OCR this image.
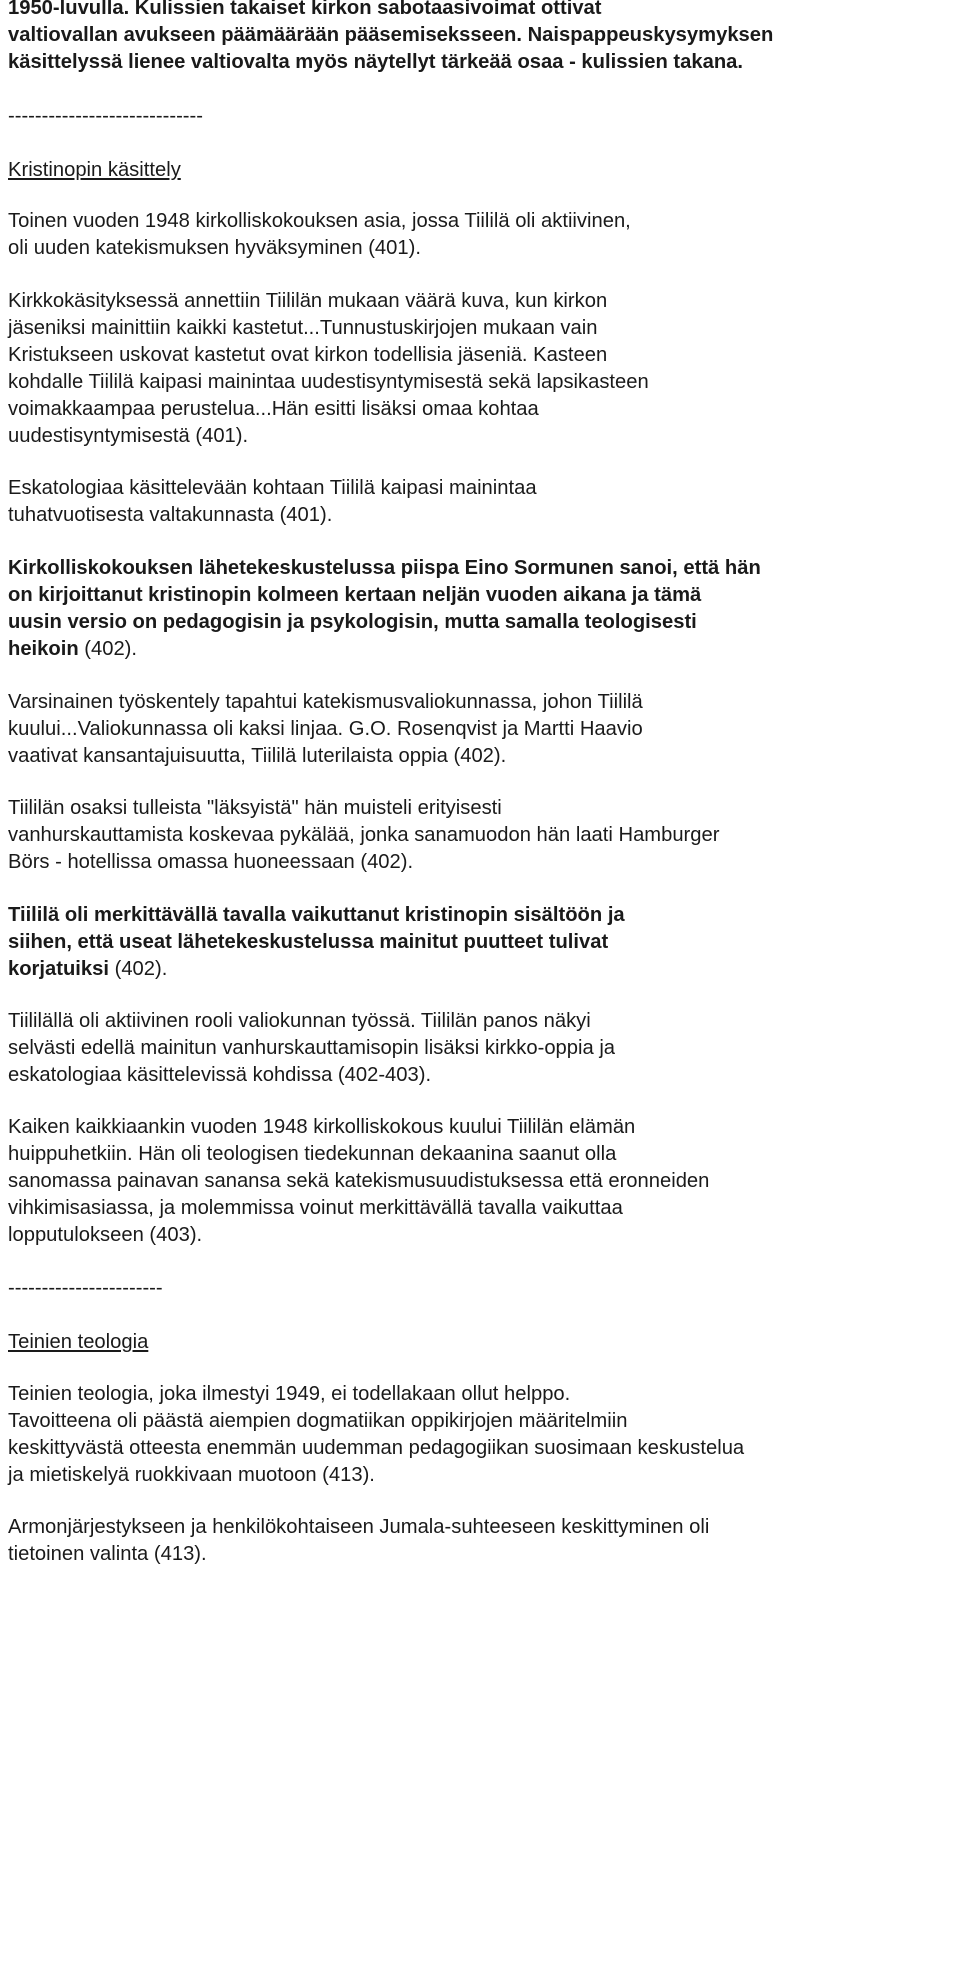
1950-luvulla. Kulissien takaiset kirkon sabotaasivoimat ottivat
valtiovallan avukseen päämäärään pääsemiseksseen. Naispappeuskysymyksen
käsittelyssä lienee valtiovalta myös näytellyt tärkeää osaa - kulissien takana.

-----------------------------

Kristinopin käsittely

Toinen vuoden 1948 kirkolliskokouksen asia, jossa Tiililä oli aktiivinen,
oli uuden katekismuksen hyväksyminen (401).

Kirkkokäsityksessä annettiin Tiililän mukaan väärä kuva, kun kirkon
jäseniksi mainittiin kaikki kastetut...Tunnustuskirjojen mukaan vain
Kristukseen uskovat kastetut ovat kirkon todellisia jäseniä. Kasteen
kohdalle Tiililä kaipasi mainintaa uudestisyntymisestä sekä lapsikasteen
voimakkaampaa perustelua...Hän esitti lisäksi omaa kohtaa
uudestisyntymisestä (401).

Eskatologiaa käsittelevään kohtaan Tiililä kaipasi mainintaa
tuhatvuotisesta valtakunnasta (401).

Kirkolliskokouksen lähetekeskustelussa piispa Eino Sormunen sanoi, että hän
on kirjoittanut kristinopin kolmeen kertaan neljän vuoden aikana ja tämä
uusin versio on pedagogisin ja psykologisin, mutta samalla teologisesti
heikoin (402).

Varsinainen työskentely tapahtui katekismusvaliokunnassa, johon Tiililä
kuului...Valiokunnassa oli kaksi linjaa. G.O. Rosenqvist ja Martti Haavio
vaativat kansantajuisuutta, Tiililä luterilaista oppia (402).

Tiililän osaksi tulleista "läksyistä" hän muisteli erityisesti
vanhurskauttamista koskevaa pykälää, jonka sanamuodon hän laati Hamburger
Börs - hotellissa omassa huoneessaan (402).

Tiililä oli merkittävällä tavalla vaikuttanut kristinopin sisältöön ja
siihen, että useat lähetekeskustelussa mainitut puutteet tulivat
korjatuiksi (402).

Tiililällä oli aktiivinen rooli valiokunnan työssä. Tiililän panos näkyi
selvästi edellä mainitun vanhurskauttamisopin lisäksi kirkko-oppia ja
eskatologiaa käsittelevissä kohdissa (402-403).

Kaiken kaikkiaankin vuoden 1948 kirkolliskokous kuului Tiililän elämän
huippuhetkiin. Hän oli teologisen tiedekunnan dekaanina saanut olla
sanomassa painavan sanansa sekä katekismusuudistuksessa että eronneiden
vihkimisasiassa, ja molemmissa voinut merkittävällä tavalla vaikuttaa
lopputulokseen (403).

-----------------------

Teinien teologia

Teinien teologia, joka ilmestyi 1949, ei todellakaan ollut helppo.
Tavoitteena oli päästä aiempien dogmatiikan oppikirjojen määritelmiin
keskittyvästä otteesta enemmän uudemman pedagogiikan suosimaan keskustelua
ja mietiskelyä ruokkivaan muotoon (413).

Armonjärjestykseen ja henkilökohtaiseen Jumala-suhteeseen keskittyminen oli
tietoinen valinta (413).
